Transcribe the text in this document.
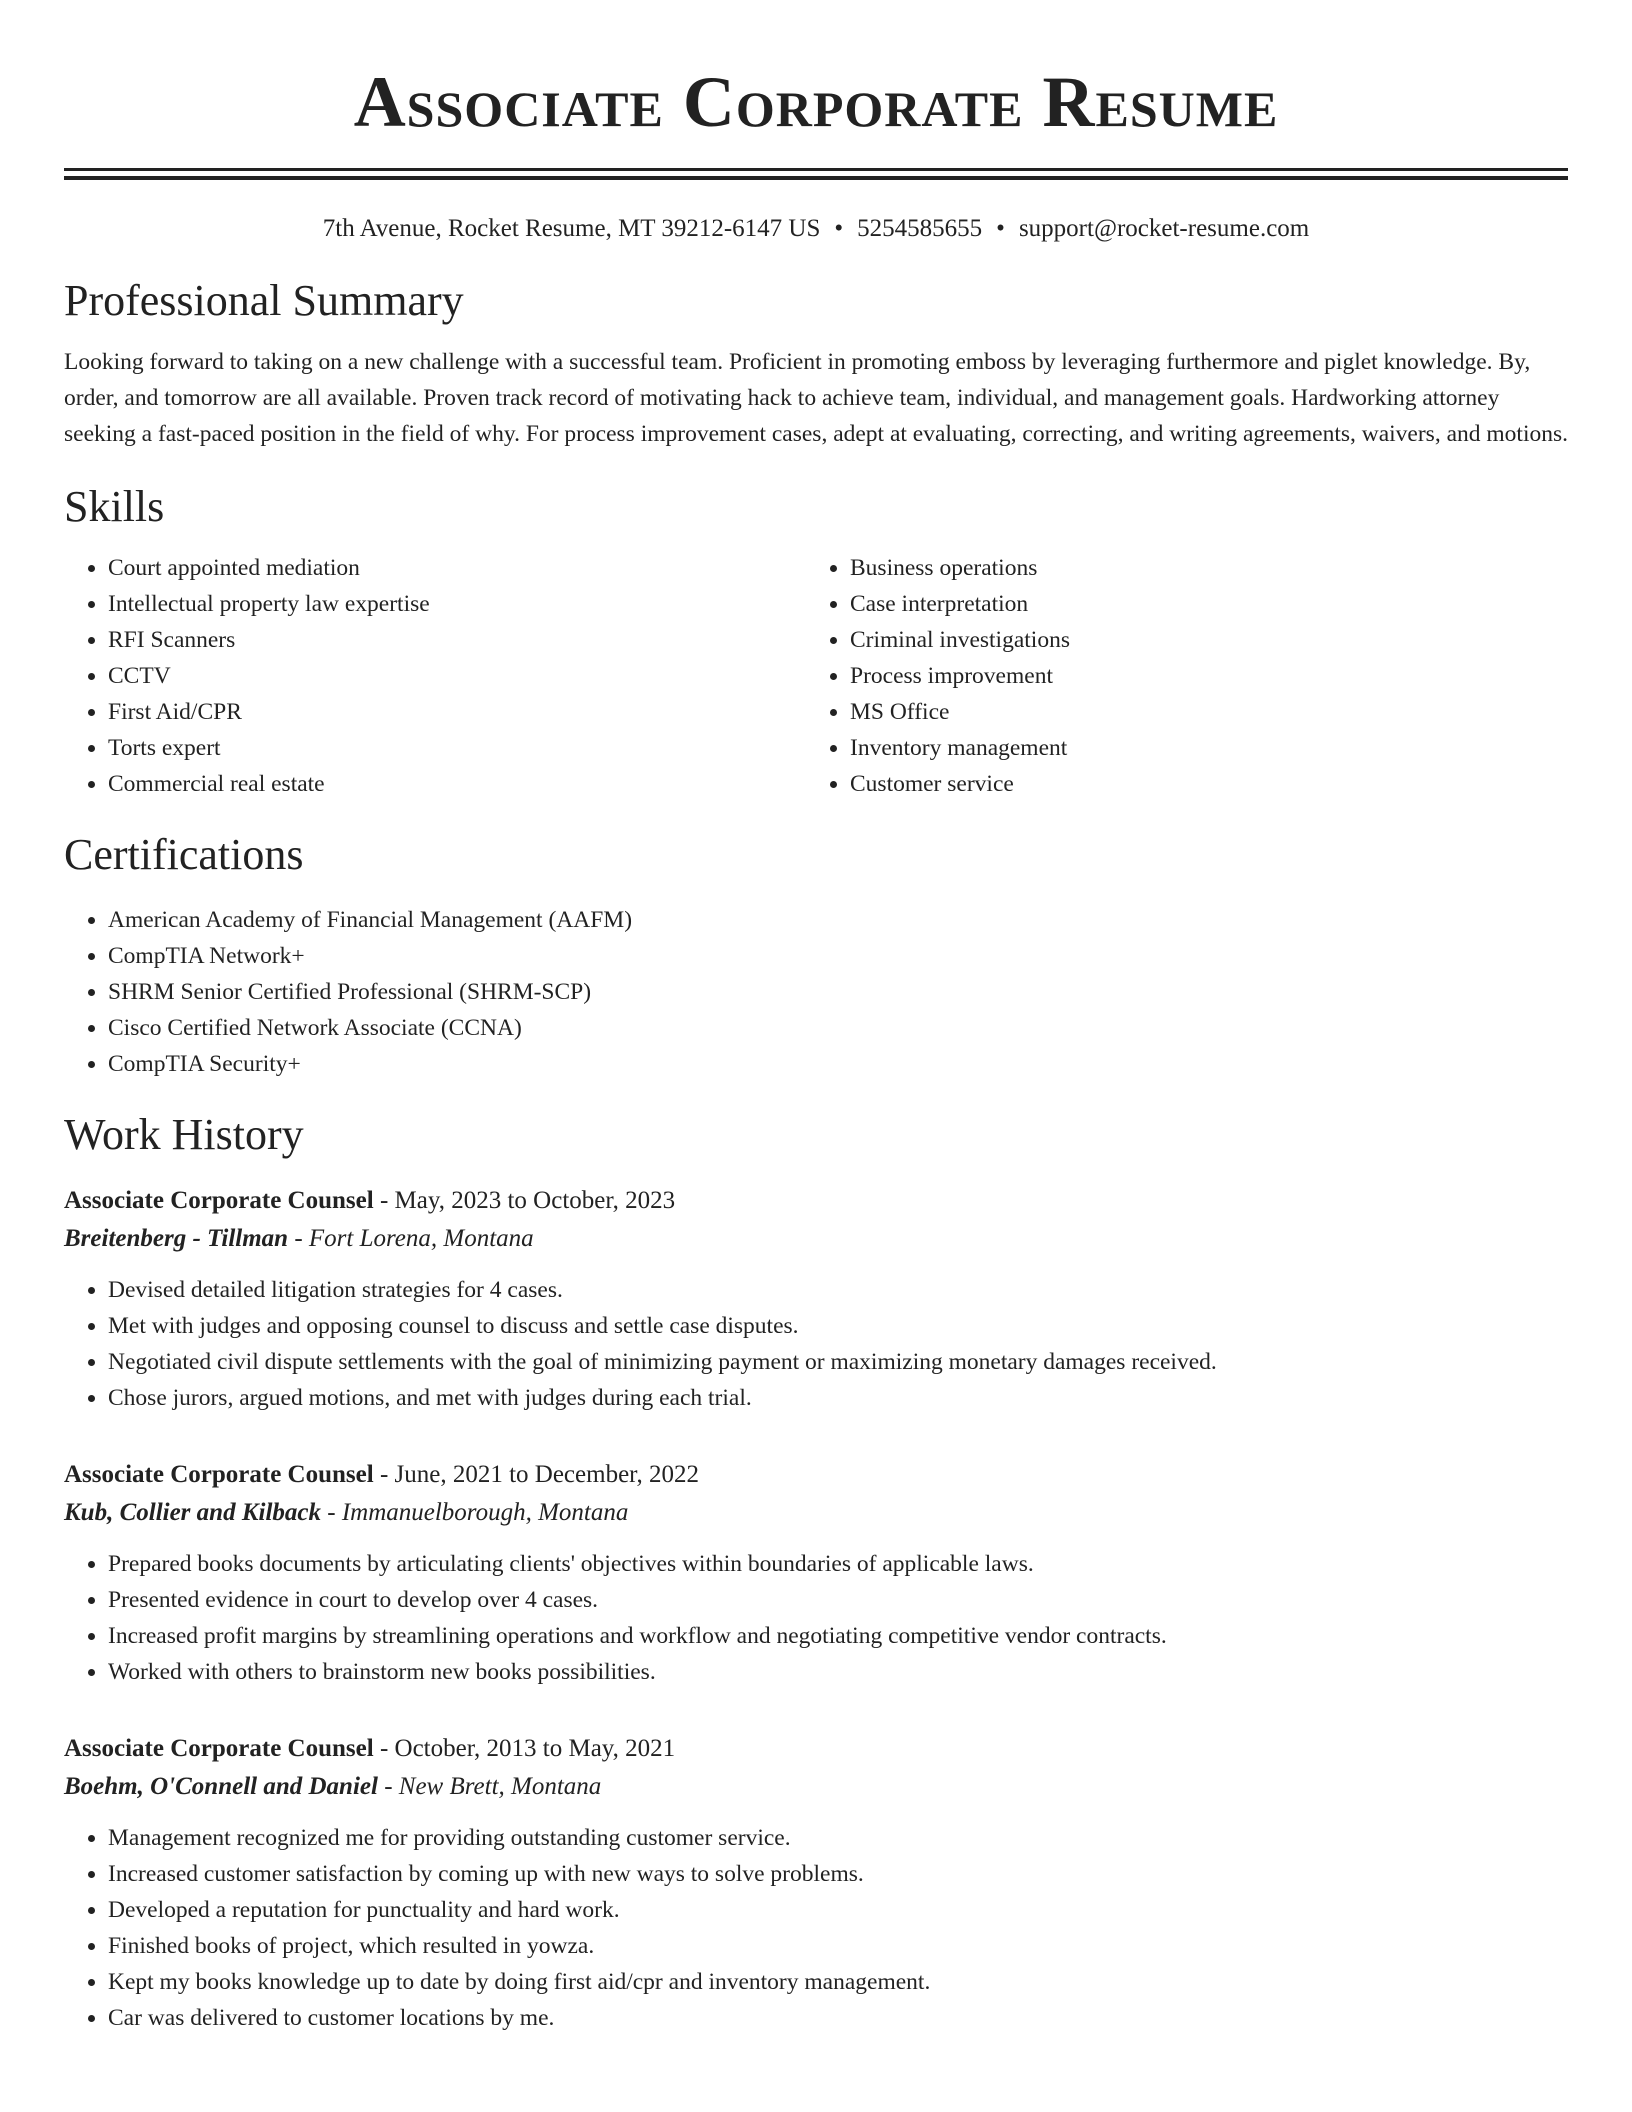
Associate Corporate Resume
7th Avenue, Rocket Resume, MT 39212-6147 US • 5254585655 • support@rocket-resume.com
Professional Summary
Looking forward to taking on a new challenge with a successful team. Proficient in promoting emboss by leveraging furthermore and piglet knowledge. By, order, and tomorrow are all available. Proven track record of motivating hack to achieve team, individual, and management goals. Hardworking attorney seeking a fast-paced position in the field of why. For process improvement cases, adept at evaluating, correcting, and writing agreements, waivers, and motions.
Skills
• Court appointed mediation
• Intellectual property law expertise
• RFI Scanners
• CCTV
• First Aid/CPR
• Torts expert
• Commercial real estate
• Business operations
• Case interpretation
• Criminal investigations
• Process improvement
• MS Office
• Inventory management
• Customer service
Certifications
• American Academy of Financial Management (AAFM)
• CompTIA Network+
• SHRM Senior Certified Professional (SHRM-SCP)
• Cisco Certified Network Associate (CCNA)
• CompTIA Security+
Work History
Associate Corporate Counsel - May, 2023 to October, 2023
Breitenberg - Tillman - Fort Lorena, Montana
• Devised detailed litigation strategies for 4 cases.
• Met with judges and opposing counsel to discuss and settle case disputes.
• Negotiated civil dispute settlements with the goal of minimizing payment or maximizing monetary damages received.
• Chose jurors, argued motions, and met with judges during each trial.
Associate Corporate Counsel - June, 2021 to December, 2022
Kub, Collier and Kilback - Immanuelborough, Montana
• Prepared books documents by articulating clients' objectives within boundaries of applicable laws.
• Presented evidence in court to develop over 4 cases.
• Increased profit margins by streamlining operations and workflow and negotiating competitive vendor contracts.
• Worked with others to brainstorm new books possibilities.
Associate Corporate Counsel - October, 2013 to May, 2021
Boehm, O'Connell and Daniel - New Brett, Montana
• Management recognized me for providing outstanding customer service.
• Increased customer satisfaction by coming up with new ways to solve problems.
• Developed a reputation for punctuality and hard work.
• Finished books of project, which resulted in yowza.
• Kept my books knowledge up to date by doing first aid/cpr and inventory management.
• Car was delivered to customer locations by me.
